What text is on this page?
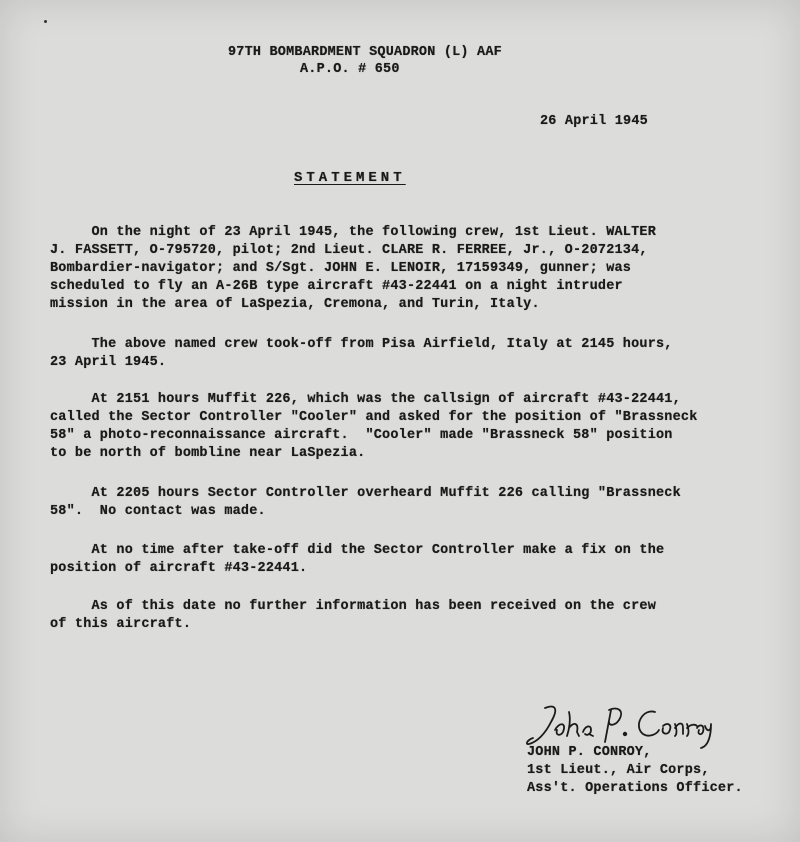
97TH BOMBARDMENT SQUADRON (L) AAF
A.P.O. # 650
26 April 1945
STATEMENT
On the night of 23 April 1945, the following crew, 1st Lieut. WALTER
J. FASSETT, O-795720, pilot; 2nd Lieut. CLARE R. FERREE, Jr., O-2072134,
Bombardier-navigator; and S/Sgt. JOHN E. LENOIR, 17159349, gunner; was
scheduled to fly an A-26B type aircraft #43-22441 on a night intruder
mission in the area of LaSpezia, Cremona, and Turin, Italy.
The above named crew took-off from Pisa Airfield, Italy at 2145 hours,
23 April 1945.
At 2151 hours Muffit 226, which was the callsign of aircraft #43-22441,
called the Sector Controller "Cooler" and asked for the position of "Brassneck
58" a photo-reconnaissance aircraft.  "Cooler" made "Brassneck 58" position
to be north of bombline near LaSpezia.
At 2205 hours Sector Controller overheard Muffit 226 calling "Brassneck
58".  No contact was made.
At no time after take-off did the Sector Controller make a fix on the
position of aircraft #43-22441.
As of this date no further information has been received on the crew
of this aircraft.
JOHN P. CONROY,
1st Lieut., Air Corps,
Ass't. Operations Officer.
